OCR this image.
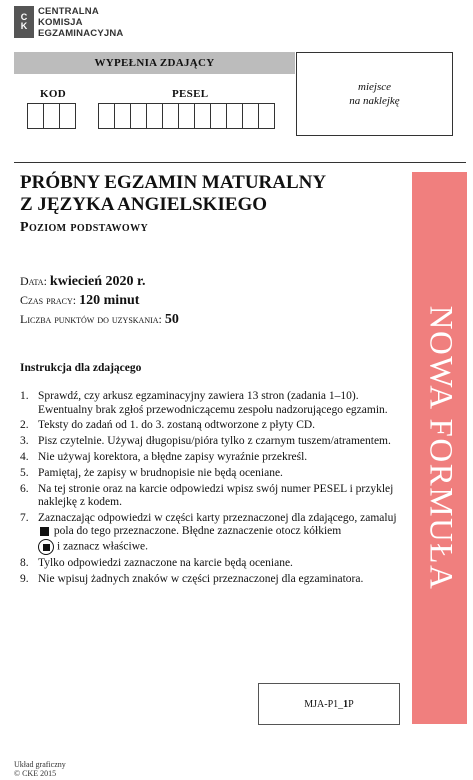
C
K
CENTRALNA
KOMISJA
EGZAMINACYJNA
WYPEŁNIA ZDAJĄCY
KOD	PESEL
miejsce
na naklejkę
NOWA FORMUŁA
PRÓBNY EGZAMIN MATURALNY
Z JĘZYKA ANGIELSKIEGO
Poziom podstawowy
Data: kwiecień 2020 r.
Czas pracy: 120 minut
Liczba punktów do uzyskania: 50
Instrukcja dla zdającego
1. Sprawdź, czy arkusz egzaminacyjny zawiera 13 stron (zadania 1–10). Ewentualny brak zgłoś przewodniczącemu zespołu nadzorującego egzamin.
2. Teksty do zadań od 1. do 3. zostaną odtworzone z płyty CD.
3. Pisz czytelnie. Używaj długopisu/pióra tylko z czarnym tuszem/atramentem.
4. Nie używaj korektora, a błędne zapisy wyraźnie przekreśl.
5. Pamiętaj, że zapisy w brudnopisie nie będą oceniane.
6. Na tej stronie oraz na karcie odpowiedzi wpisz swój numer PESEL i przyklej naklejkę z kodem.
7. Zaznaczając odpowiedzi w części karty przeznaczonej dla zdającego, zamaluj  pola do tego przeznaczone. Błędne zaznaczenie otocz kółkiem

i zaznacz właściwe.
8. Tylko odpowiedzi zaznaczone na karcie będą oceniane.
9. Nie wpisuj żadnych znaków w części przeznaczonej dla egzaminatora.
MJA-P1_ 1 P
Układ graficzny
© CKE 2015
